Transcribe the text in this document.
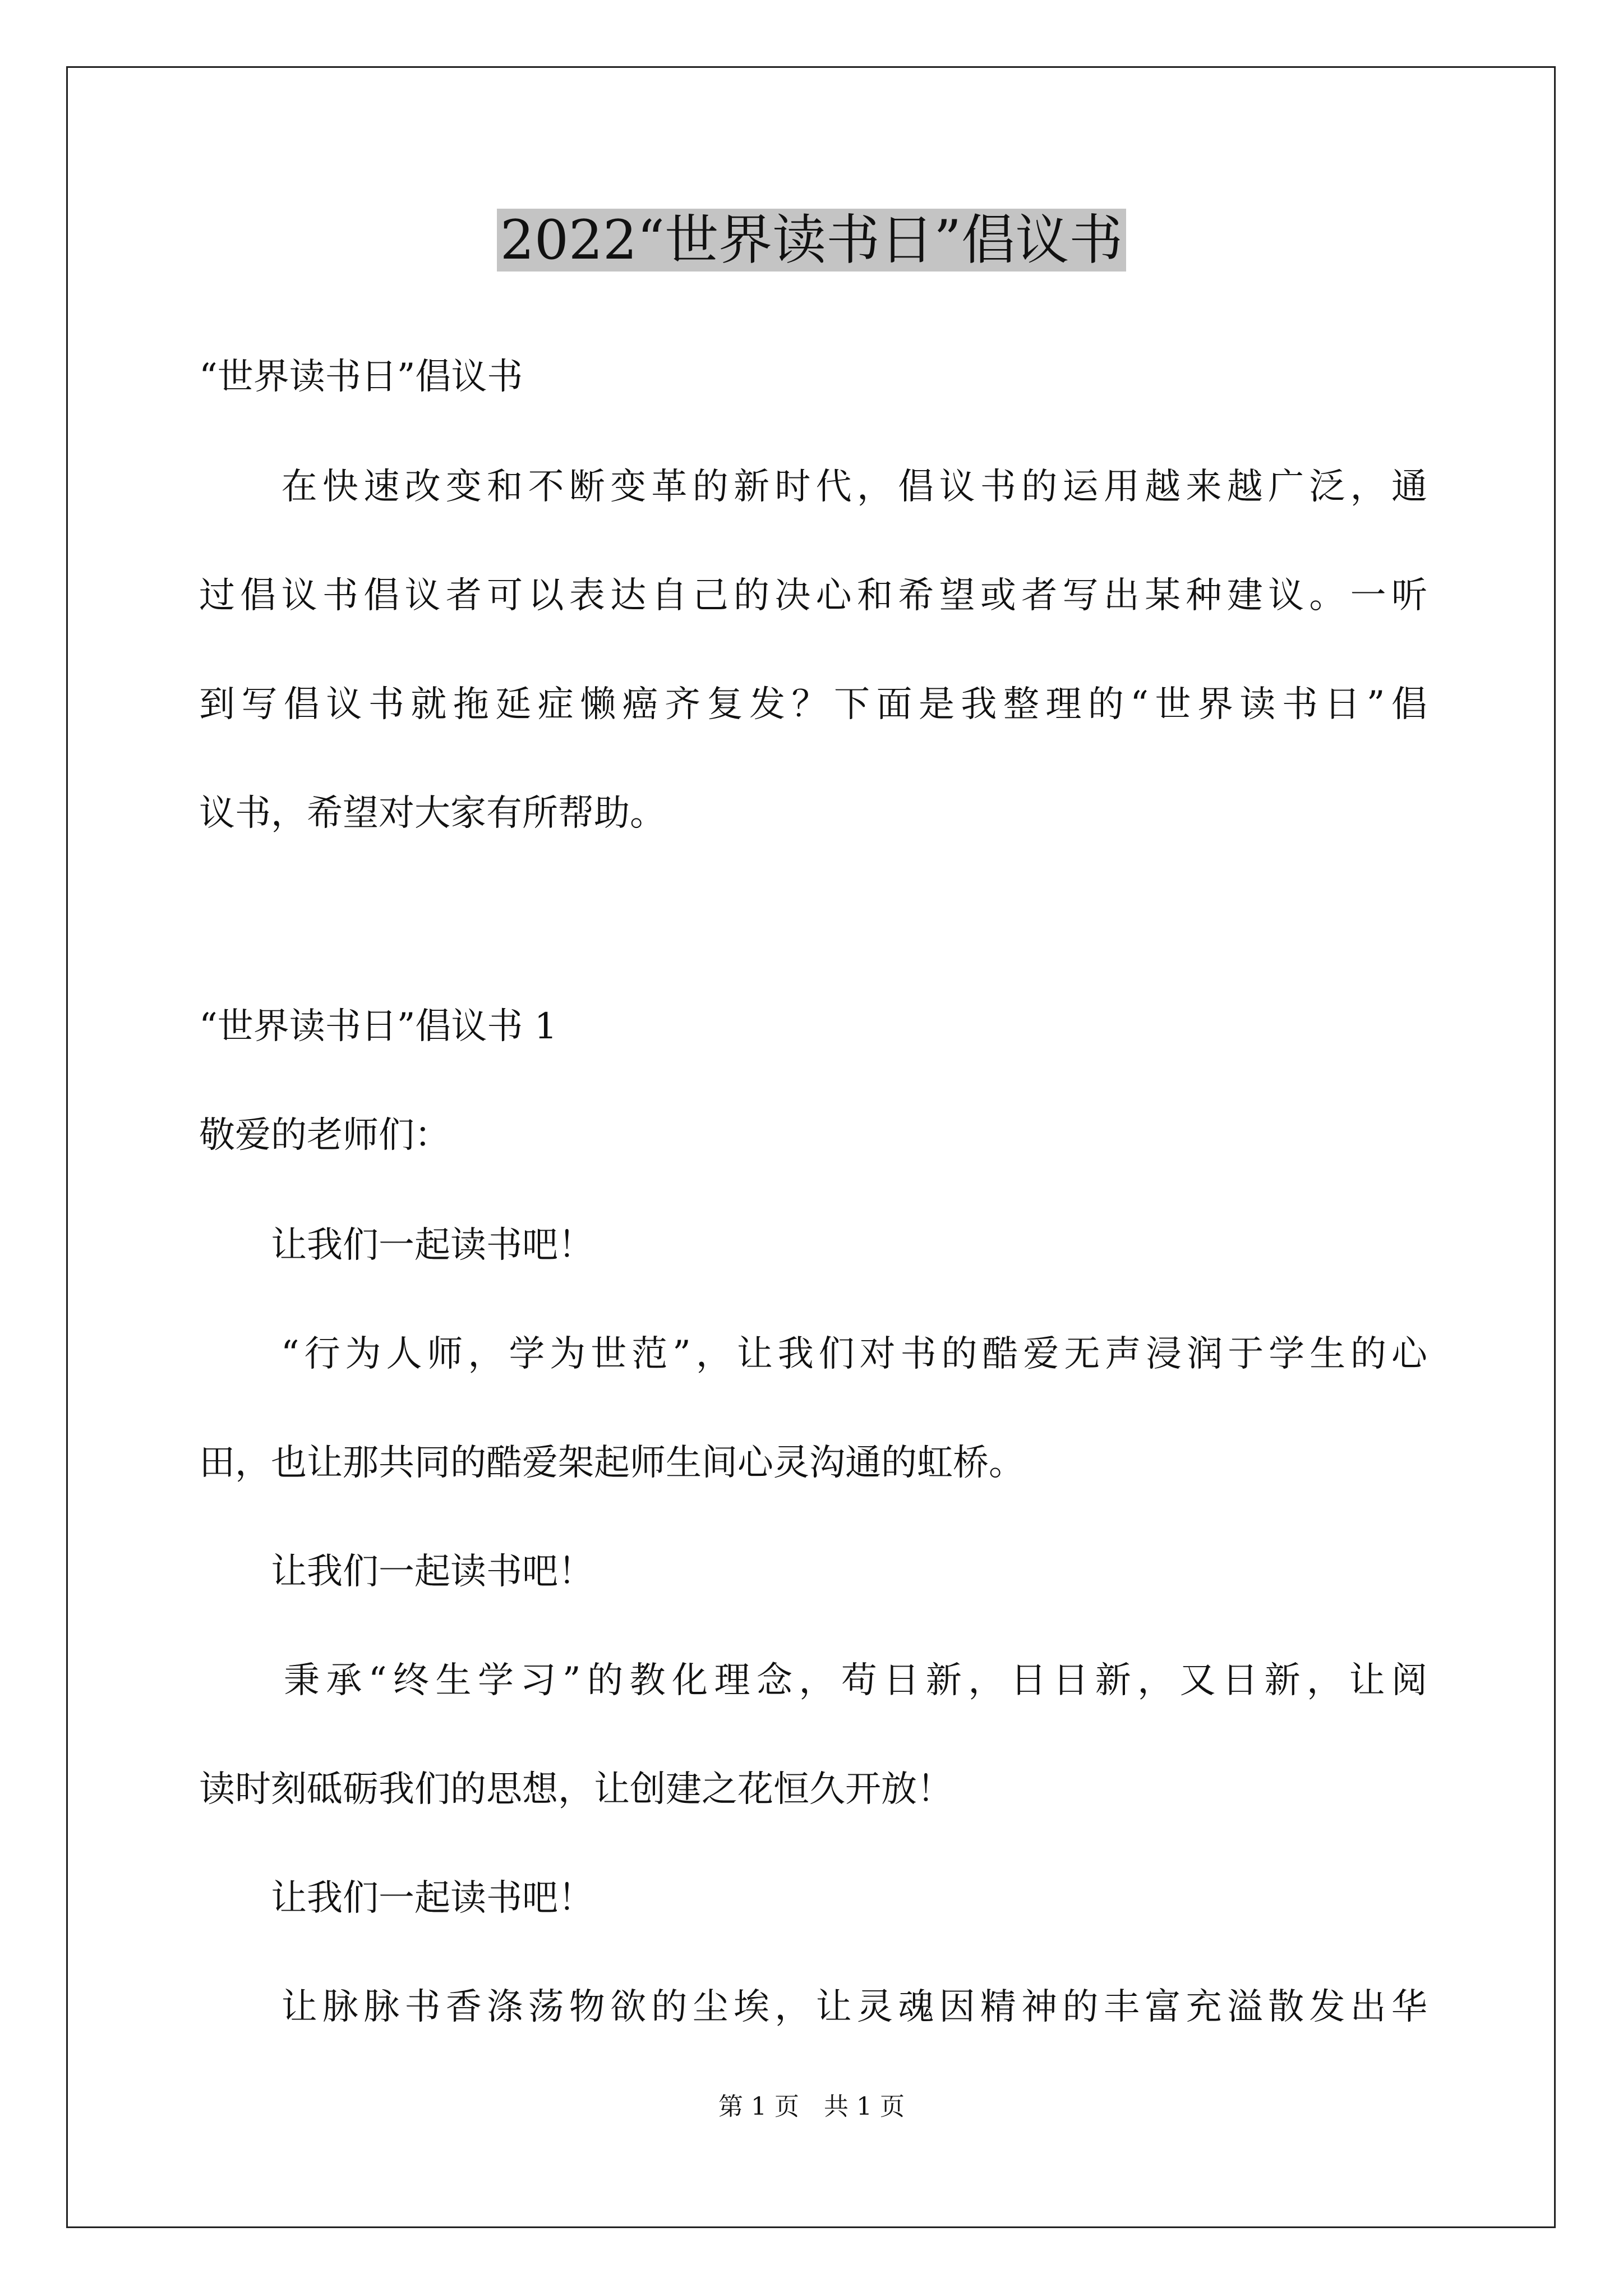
2022“世界读书日”倡议书
“世界读书日”倡议书
　　在快速改变和不断变革的新时代，倡议书的运用越来越广泛，通
过倡议书倡议者可以表达自己的决心和希望或者写出某种建议。一听
到写倡议书就拖延症懒癌齐复发？下面是我整理的“世界读书日”倡
议书，希望对大家有所帮助。
“世界读书日”倡议书 1
敬爱的老师们：
　　让我们一起读书吧！
　　“行为人师，学为世范”，让我们对书的酷爱无声浸润于学生的心
田，也让那共同的酷爱架起师生间心灵沟通的虹桥。
　　让我们一起读书吧！
　　秉承“终生学习”的教化理念，苟日新，日日新，又日新，让阅
读时刻砥砺我们的思想，让创建之花恒久开放！
　　让我们一起读书吧！
　　让脉脉书香涤荡物欲的尘埃，让灵魂因精神的丰富充溢散发出华
第 1 页　共 1 页
